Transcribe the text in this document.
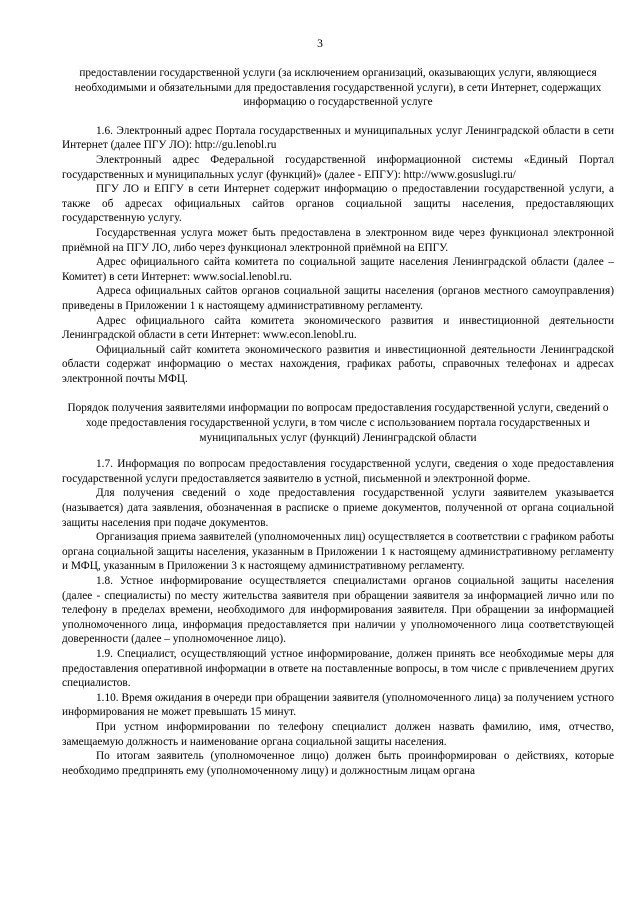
3

предоставлении государственной услуги (за исключением организаций, оказывающих услуги, являющиеся необходимыми и обязательными для предоставления государственной услуги), в сети Интернет, содержащих информацию о государственной услуге

1.6. Электронный адрес Портала государственных и муниципальных услуг Ленинградской области в сети Интернет (далее ПГУ ЛО): http://gu.lenobl.ru

Электронный адрес Федеральной государственной информационной системы «Единый Портал государственных и муниципальных услуг (функций)» (далее - ЕПГУ): http://www.gosuslugi.ru/

ПГУ ЛО и ЕПГУ в сети Интернет содержит информацию о предоставлении государственной услуги, а также об адресах официальных сайтов органов социальной защиты населения, предоставляющих государственную услугу.

Государственная услуга может быть предоставлена в электронном виде через функционал электронной приёмной на ПГУ ЛО, либо через функционал электронной приёмной на ЕПГУ.

Адрес официального сайта комитета по социальной защите населения Ленинградской области (далее – Комитет) в сети Интернет: www.social.lenobl.ru.

Адреса официальных сайтов органов социальной защиты населения (органов местного самоуправления) приведены в Приложении 1 к настоящему административному регламенту.

Адрес официального сайта комитета экономического развития и инвестиционной деятельности Ленинградской области в сети Интернет: www.econ.lenobl.ru.

Официальный сайт комитета экономического развития и инвестиционной деятельности Ленинградской области содержат информацию о местах нахождения, графиках работы, справочных телефонах и адресах электронной почты МФЦ.

Порядок получения заявителями информации по вопросам предоставления государственной услуги, сведений о ходе предоставления государственной услуги, в том числе с использованием портала государственных и муниципальных услуг (функций) Ленинградской области

1.7. Информация по вопросам предоставления государственной услуги, сведения о ходе предоставления государственной услуги предоставляется заявителю в устной, письменной и электронной форме.

Для получения сведений о ходе предоставления государственной услуги заявителем указывается (называется) дата заявления, обозначенная в расписке о приеме документов, полученной от органа социальной защиты населения при подаче документов.

Организация приема заявителей (уполномоченных лиц) осуществляется в соответствии с графиком работы органа социальной защиты населения, указанным в Приложении 1 к настоящему административному регламенту и МФЦ, указанным в Приложении 3 к настоящему административному регламенту.

1.8. Устное информирование осуществляется специалистами органов социальной защиты населения (далее - специалисты) по месту жительства заявителя при обращении заявителя за информацией лично или по телефону в пределах времени, необходимого для информирования заявителя. При обращении за информацией уполномоченного лица, информация предоставляется при наличии у уполномоченного лица соответствующей доверенности (далее – уполномоченное лицо).

1.9. Специалист, осуществляющий устное информирование, должен принять все необходимые меры для предоставления оперативной информации в ответе на поставленные вопросы, в том числе с привлечением других специалистов.

1.10. Время ожидания в очереди при обращении заявителя (уполномоченного лица) за получением устного информирования не может превышать 15 минут.

При устном информировании по телефону специалист должен назвать фамилию, имя, отчество, замещаемую должность и наименование органа социальной защиты населения.

По итогам заявитель (уполномоченное лицо) должен быть проинформирован о действиях, которые необходимо предпринять ему (уполномоченному лицу) и должностным лицам органа
